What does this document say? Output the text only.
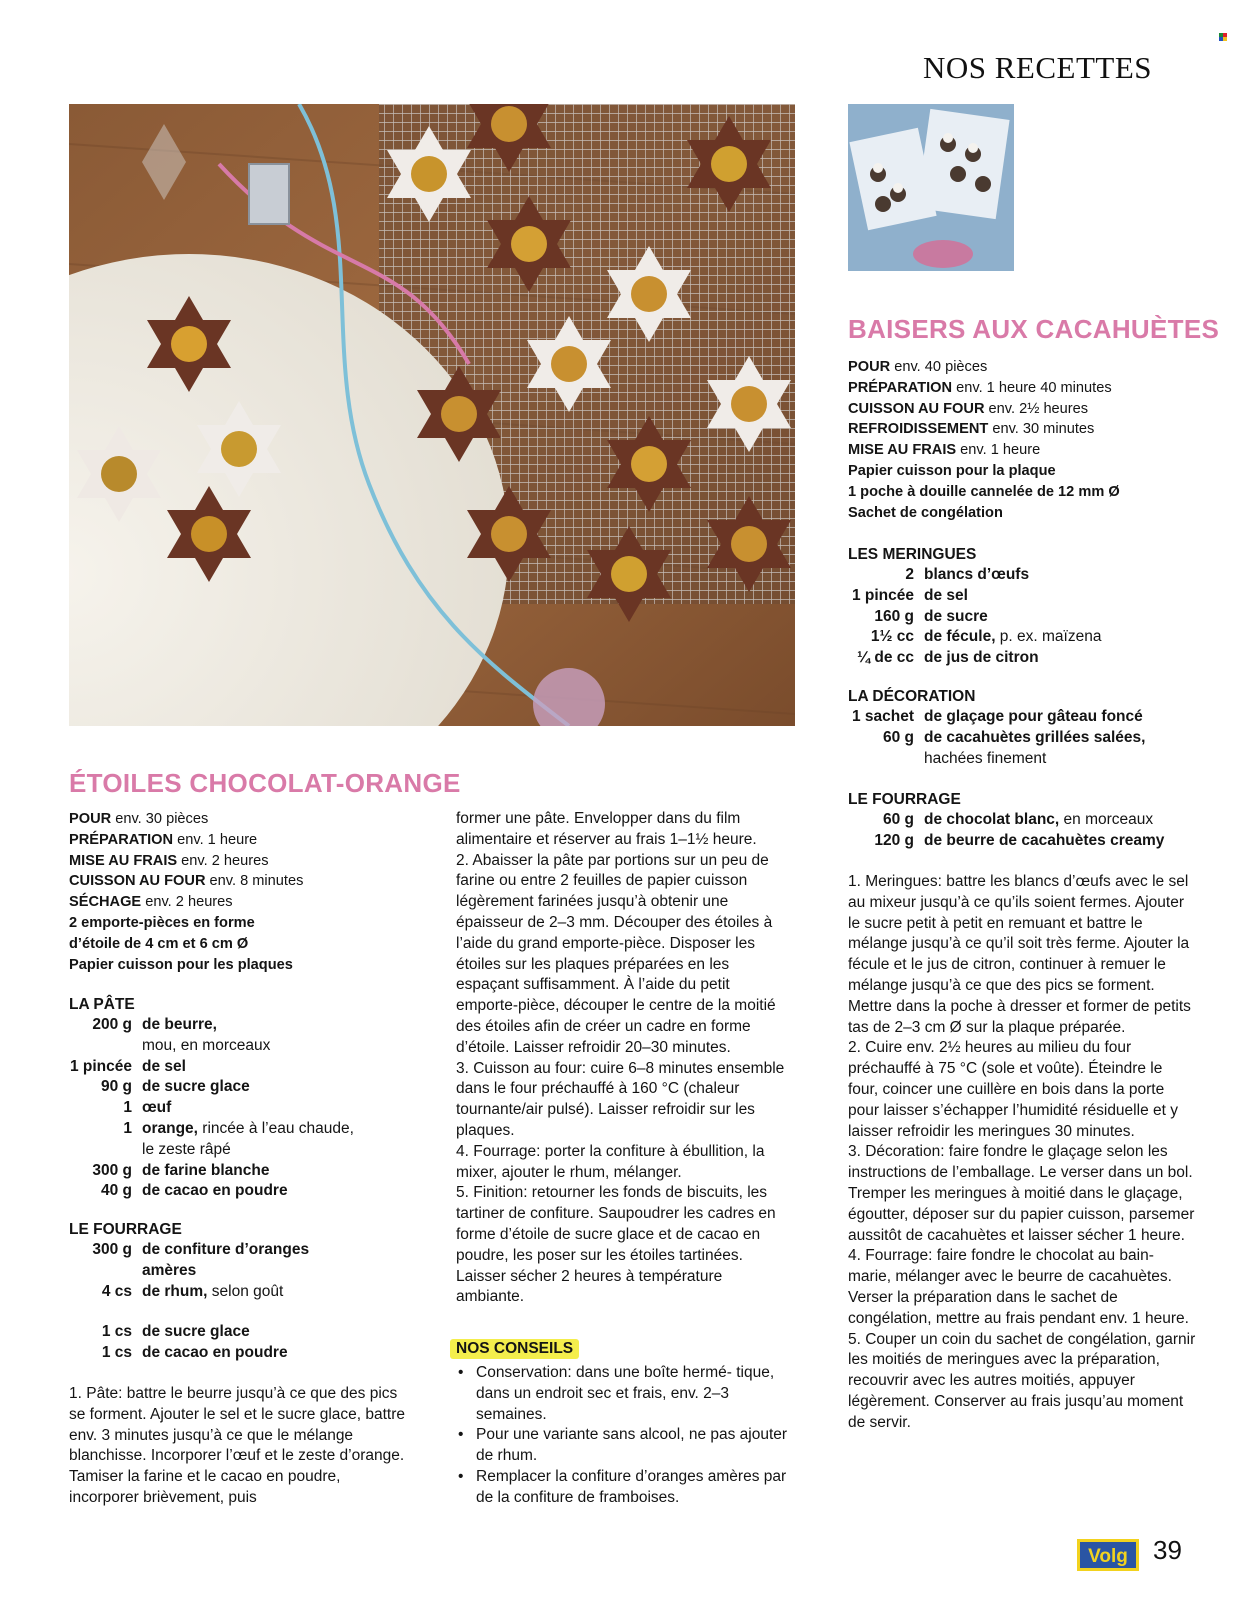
NOS RECETTES
BAISERS AUX CACAHUÈTES
POUR env. 40 pièces
PRÉPARATION env. 1 heure 40 minutes
CUISSON AU FOUR env. 2½ heures
REFROIDISSEMENT env. 30 minutes
MISE AU FRAIS env. 1 heure
Papier cuisson pour la plaque
1 poche à douille cannelée de 12 mm Ø
Sachet de congélation
LES MERINGUES
2 blancs d’œufs
1 pincée de sel
160 g de sucre
1½ cc de fécule, p. ex. maïzena
¼ de cc de jus de citron
LA DÉCORATION
1 sachet de glaçage pour gâteau foncé
60 g de cacahuètes grillées salées,
hachées finement
LE FOURRAGE
60 g de chocolat blanc, en morceaux
120 g de beurre de cacahuètes creamy

1. Meringues: battre les blancs d’œufs avec le sel au mixeur jusqu’à ce qu’ils soient fermes. Ajouter le sucre petit à petit en remuant et battre le mélange jusqu’à ce qu’il soit très ferme. Ajouter la fécule et le jus de citron, continuer à remuer le mélange jusqu’à ce que des pics se forment. Mettre dans la poche à dresser et former de petits tas de 2–3 cm Ø sur la plaque préparée.

2. Cuire env. 2½ heures au milieu du four préchauffé à 75 °C (sole et voûte). Éteindre le four, coincer une cuillère en bois dans la porte pour laisser s’échapper l’humidité résiduelle et y laisser refroidir les meringues 30 minutes.

3. Décoration: faire fondre le glaçage selon les instructions de l’emballage. Le verser dans un bol. Tremper les meringues à moitié dans le glaçage, égoutter, déposer sur du papier cuisson, parsemer aussitôt de cacahuètes et laisser sécher 1 heure.

4. Fourrage: faire fondre le chocolat au bain-marie, mélanger avec le beurre de cacahuètes. Verser la préparation dans le sachet de congélation, mettre au frais pendant env. 1 heure.

5. Couper un coin du sachet de congélation, garnir les moitiés de meringues avec la préparation, recouvrir avec les autres moitiés, appuyer légèrement. Conserver au frais jusqu’au moment de servir.

ÉTOILES CHOCOLAT-ORANGE
POUR env. 30 pièces
PRÉPARATION env. 1 heure
MISE AU FRAIS env. 2 heures
CUISSON AU FOUR env. 8 minutes
SÉCHAGE env. 2 heures
2 emporte-pièces en forme
d’étoile de 4 cm et 6 cm Ø
Papier cuisson pour les plaques
LA PÂTE
200 g de beurre,
mou, en morceaux
1 pincée de sel
90 g de sucre glace
1 œuf
1 orange, rincée à l’eau chaude,
le zeste râpé
300 g de farine blanche
40 g de cacao en poudre
LE FOURRAGE
300 g de confiture d’oranges
amères
4 cs de rhum, selon goût
1 cs de sucre glace
1 cs de cacao en poudre

1. Pâte: battre le beurre jusqu’à ce que des pics se forment. Ajouter le sel et le sucre glace, battre env. 3 minutes jusqu’à ce que le mélange blanchisse. Incorporer l’œuf et le zeste d’orange. Tamiser la farine et le cacao en poudre, incorporer brièvement, puis

former une pâte. Envelopper dans du film alimentaire et réserver au frais 1–1½ heure.

2. Abaisser la pâte par portions sur un peu de farine ou entre 2 feuilles de papier cuisson légèrement farinées jusqu’à obtenir une épaisseur de 2–3 mm. Découper des étoiles à l’aide du grand emporte-pièce. Disposer les étoiles sur les plaques préparées en les espaçant suffisamment. À l’aide du petit emporte-pièce, découper le centre de la moitié des étoiles afin de créer un cadre en forme d’étoile. Laisser refroidir 20–30 minutes.

3. Cuisson au four: cuire 6–8 minutes ensemble dans le four préchauffé à 160 °C (chaleur tournante/air pulsé). Laisser refroidir sur les plaques.

4. Fourrage: porter la confiture à ébullition, la mixer, ajouter le rhum, mélanger.

5. Finition: retourner les fonds de biscuits, les tartiner de confiture. Saupoudrer les cadres en forme d’étoile de sucre glace et de cacao en poudre, les poser sur les étoiles tartinées. Laisser sécher 2 heures à température ambiante.

NOS CONSEILS
• Conservation: dans une boîte hermé- tique, dans un endroit sec et frais, env. 2–3 semaines.
• Pour une variante sans alcool, ne pas ajouter de rhum.
• Remplacer la confiture d’oranges amères par de la confiture de framboises.
Volg 39
